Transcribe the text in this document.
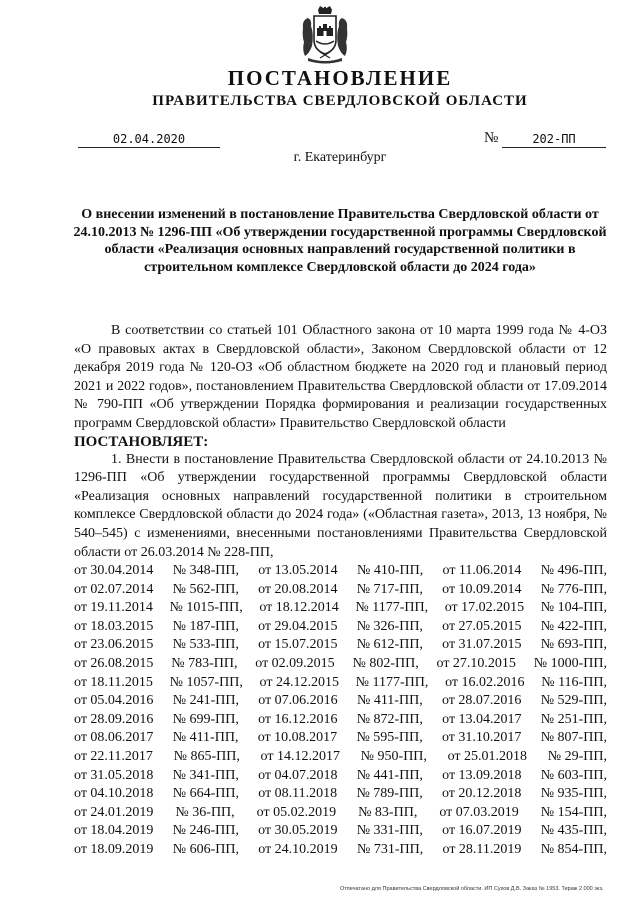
ПОСТАНОВЛЕНИЕ
ПРАВИТЕЛЬСТВА СВЕРДЛОВСКОЙ ОБЛАСТИ
02.04.2020	№	202-ПП
г. Екатеринбург
О внесении изменений в постановление Правительства Свердловской области от 24.10.2013 № 1296-ПП «Об утверждении государственной программы Свердловской области «Реализация основных направлений государственной политики в строительном комплексе Свердловской области до 2024 года»

В соответствии со статьей 101 Областного закона от 10 марта 1999 года № 4-ОЗ «О правовых актах в Свердловской области», Законом Свердловской области от 12 декабря 2019 года № 120-ОЗ «Об областном бюджете на 2020 год и плановый период 2021 и 2022 годов», постановлением Правительства Свердловской области от 17.09.2014 № 790-ПП «Об утверждении Порядка формирования и реализации государственных программ Свердловской области» Правительство Свердловской области

ПОСТАНОВЛЯЕТ:

1. Внести в постановление Правительства Свердловской области от 24.10.2013 № 1296-ПП «Об утверждении государственной программы Свердловской области «Реализация основных направлений государственной политики в строительном комплексе Свердловской области до 2024 года» («Областная газета», 2013, 13 ноября, № 540–545) с изменениями, внесенными постановлениями Правительства Свердловской области от 26.03.2014 № 228-ПП,

от 30.04.2014 № 348-ПП, от 13.05.2014 № 410-ПП, от 11.06.2014 № 496-ПП,
от 02.07.2014 № 562-ПП, от 20.08.2014 № 717-ПП, от 10.09.2014 № 776-ПП,
от 19.11.2014 № 1015-ПП, от 18.12.2014 № 1177-ПП, от 17.02.2015 № 104-ПП,
от 18.03.2015 № 187-ПП, от 29.04.2015 № 326-ПП, от 27.05.2015 № 422-ПП,
от 23.06.2015 № 533-ПП, от 15.07.2015 № 612-ПП, от 31.07.2015 № 693-ПП,
от 26.08.2015 № 783-ПП, от 02.09.2015 № 802-ПП, от 27.10.2015 № 1000-ПП,
от 18.11.2015 № 1057-ПП, от 24.12.2015 № 1177-ПП, от 16.02.2016 № 116-ПП,
от 05.04.2016 № 241-ПП, от 07.06.2016 № 411-ПП, от 28.07.2016 № 529-ПП,
от 28.09.2016 № 699-ПП, от 16.12.2016 № 872-ПП, от 13.04.2017 № 251-ПП,
от 08.06.2017 № 411-ПП, от 10.08.2017 № 595-ПП, от 31.10.2017 № 807-ПП,
от 22.11.2017 № 865-ПП, от 14.12.2017 № 950-ПП, от 25.01.2018 № 29-ПП,
от 31.05.2018 № 341-ПП, от 04.07.2018 № 441-ПП, от 13.09.2018 № 603-ПП,
от 04.10.2018 № 664-ПП, от 08.11.2018 № 789-ПП, от 20.12.2018 № 935-ПП,
от 24.01.2019 № 36-ПП, от 05.02.2019 № 83-ПП, от 07.03.2019 № 154-ПП,
от 18.04.2019 № 246-ПП, от 30.05.2019 № 331-ПП, от 16.07.2019 № 435-ПП,
от 18.09.2019 № 606-ПП, от 24.10.2019 № 731-ПП, от 28.11.2019 № 854-ПП,
Отпечатано для Правительства Свердловской области. ИП Сухов Д.В. Заказ № 1953. Тираж 2 000 экз.
